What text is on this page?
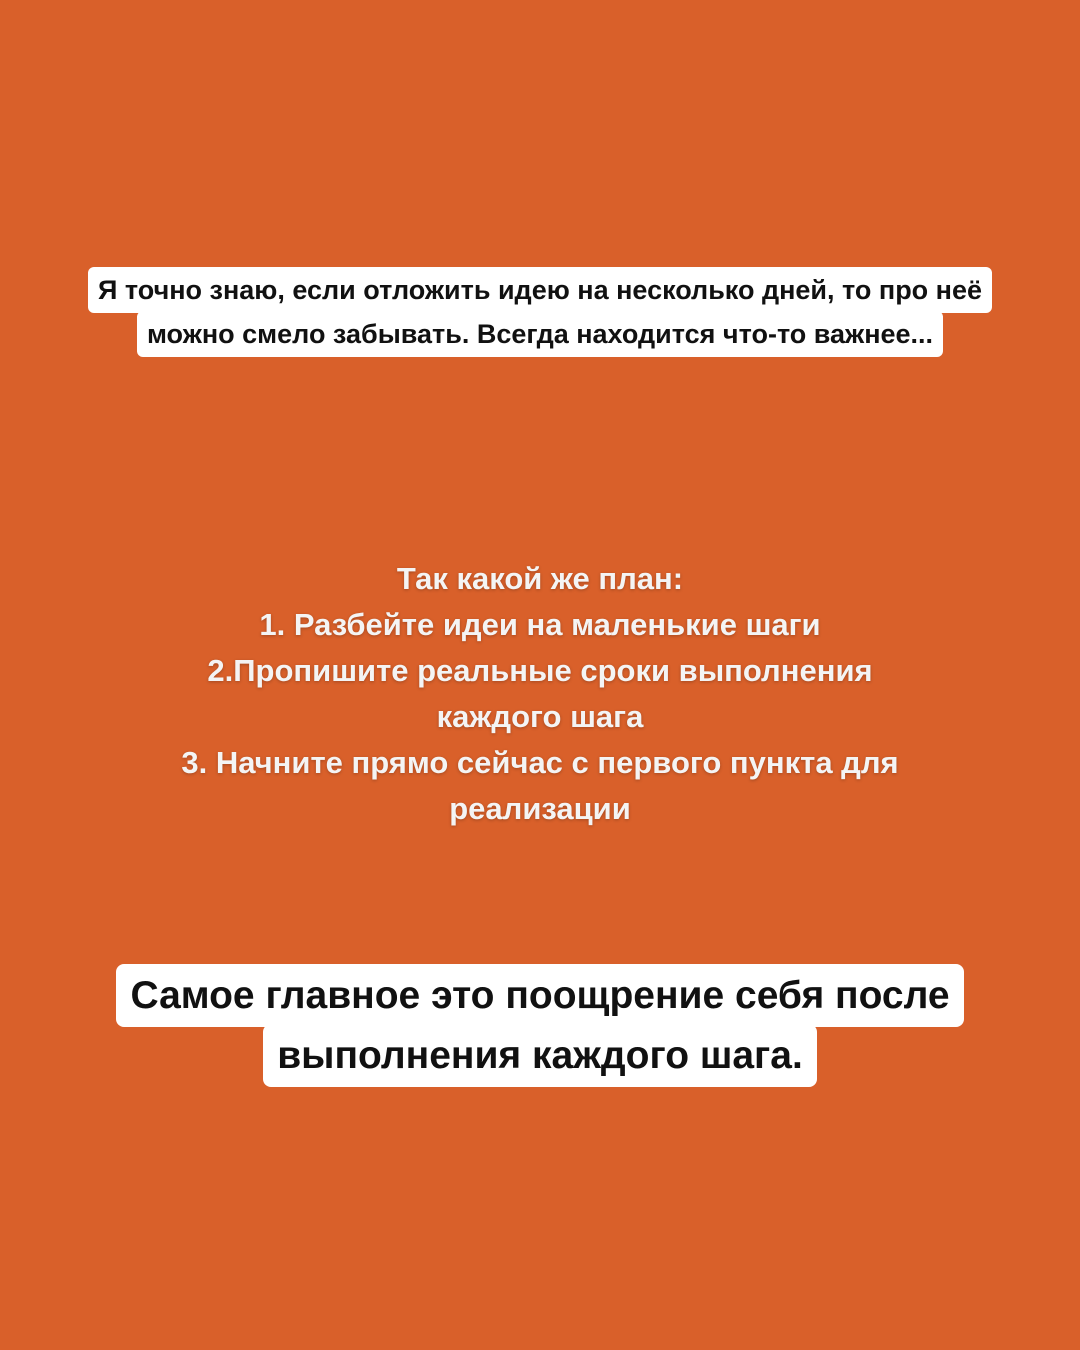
Я точно знаю, если отложить идею на несколько дней, то про неё можно смело забывать. Всегда находится что-то важнее...
Так какой же план:
1. Разбейте идеи на маленькие шаги
2.Пропишите реальные сроки выполнения
каждого шага
3. Начните прямо сейчас с первого пункта для
реализации
Самое главное это поощрение себя после выполнения каждого шага.
